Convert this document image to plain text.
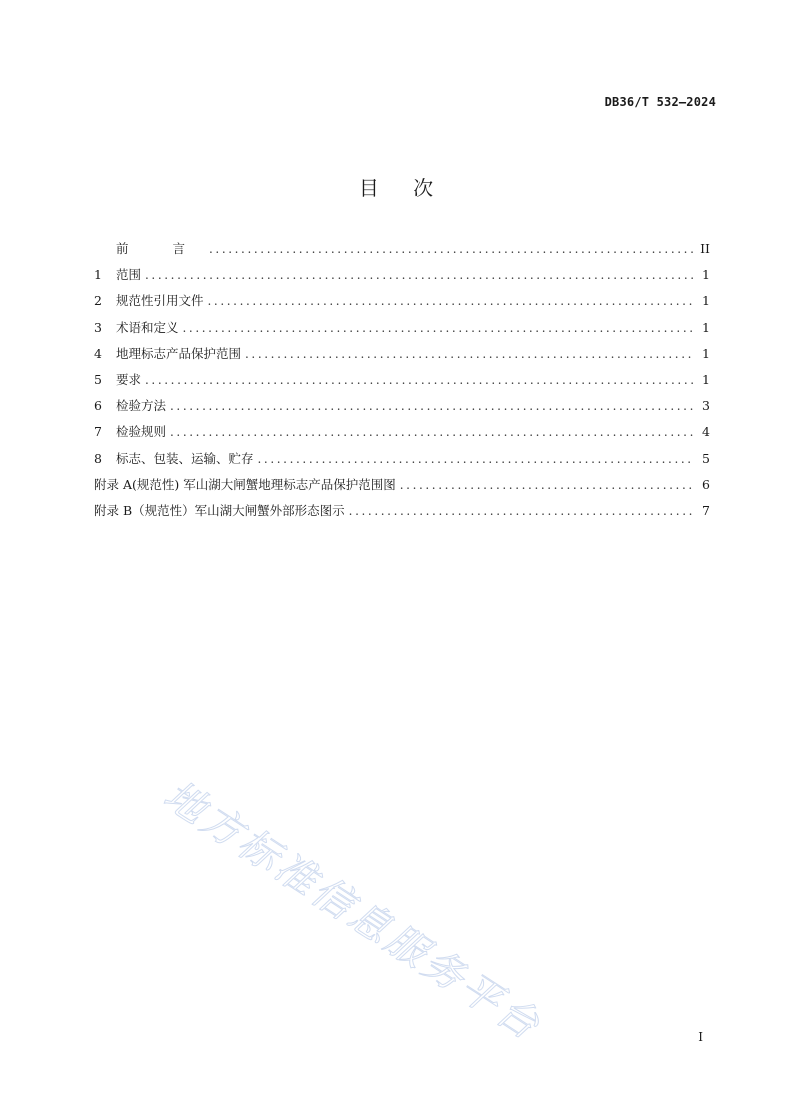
DB36/T 532—2024
目 次
前 言 .....	II
1	范围 .....	1
2	规范性引用文件 .....	1
3	术语和定义 .....	1
4	地理标志产品保护范围 .....	1
5	要求 .....	1
6	检验方法 .....	3
7	检验规则 .....	4
8	标志、包装、运输、贮存 .....	5
附录 A(规范性) 军山湖大闸蟹地理标志产品保护范围图 .....	6
附录 B（规范性）军山湖大闸蟹外部形态图示 .....	7
地方标准信息服务平台	I
